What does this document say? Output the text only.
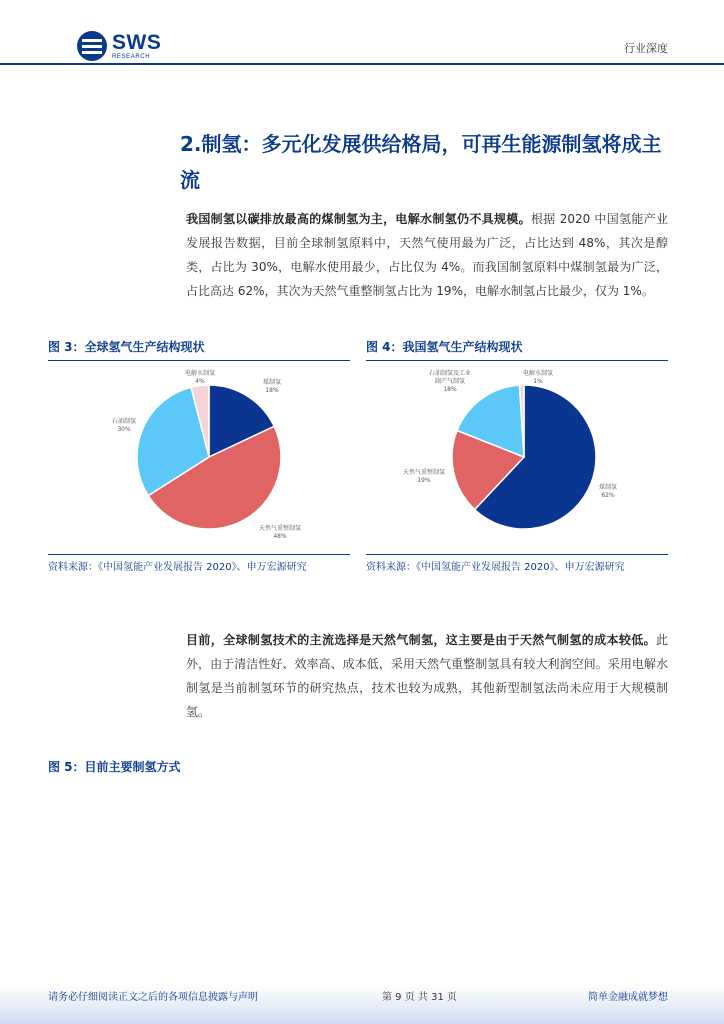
SWS
RESEARCH
行业深度
2.制氢：多元化发展供给格局，可再生能源制氢将成主流

我国制氢以碳排放最高的煤制氢为主，电解水制氢仍不具规模。根据 2020 中国氢能产业发展报告数据，目前全球制氢原料中，天然气使用最为广泛，占比达到 48%，其次是醇类，占比为 30%，电解水使用最少，占比仅为 4%。而我国制氢原料中煤制氢最为广泛，占比高达 62%，其次为天然气重整制氢占比为 19%，电解水制氢占比最少，仅为 1%。

图 3：全球氢气生产结构现状	图 4：我国氢气生产结构现状
煤制氢 18%
天然气重整制氢 48%
石油制氢 30%
电解水制氢 4%
煤制氢 62%
天然气重整制氢 19%
石油制氢及工业副产气制氢 18%
电解水制氢 1%
资料来源：《中国氢能产业发展报告 2020》、申万宏源研究	资料来源：《中国氢能产业发展报告 2020》、申万宏源研究

目前，全球制氢技术的主流选择是天然气制氢，这主要是由于天然气制氢的成本较低。此外，由于清洁性好、效率高、成本低，采用天然气重整制氢具有较大利润空间。采用电解水制氢是当前制氢环节的研究热点，技术也较为成熟，其他新型制氢法尚未应用于大规模制氢。

图 5：目前主要制氢方式
请务必仔细阅读正文之后的各项信息披露与声明	第 9 页 共 31 页	简单金融成就梦想
